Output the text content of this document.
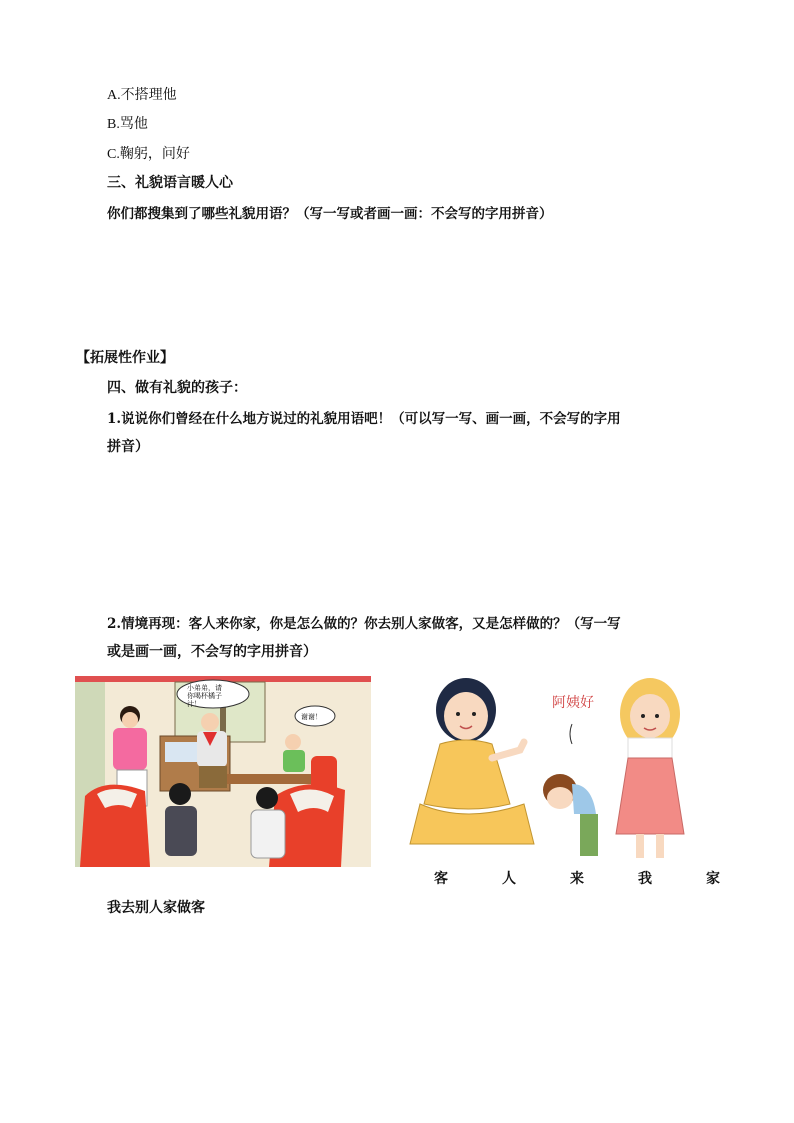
A.不搭理他
B.骂他
C.鞠躬，问好
三、礼貌语言暖人心
你们都搜集到了哪些礼貌用语？（写一写或者画一画：不会写的字用拼音）
【拓展性作业】
四、做有礼貌的孩子：
1.说说你们曾经在什么地方说过的礼貌用语吧！（可以写一写、画一画，不会写的字用
拼音）
2.情境再现：客人来你家，你是怎么做的？你去别人家做客，又是怎样做的？（写一写
或是画一画，不会写的字用拼音）
小弟弟，请
你喝杯橘子
汁！
谢谢！
阿姨好
客	人	来	我	家
我去别人家做客
